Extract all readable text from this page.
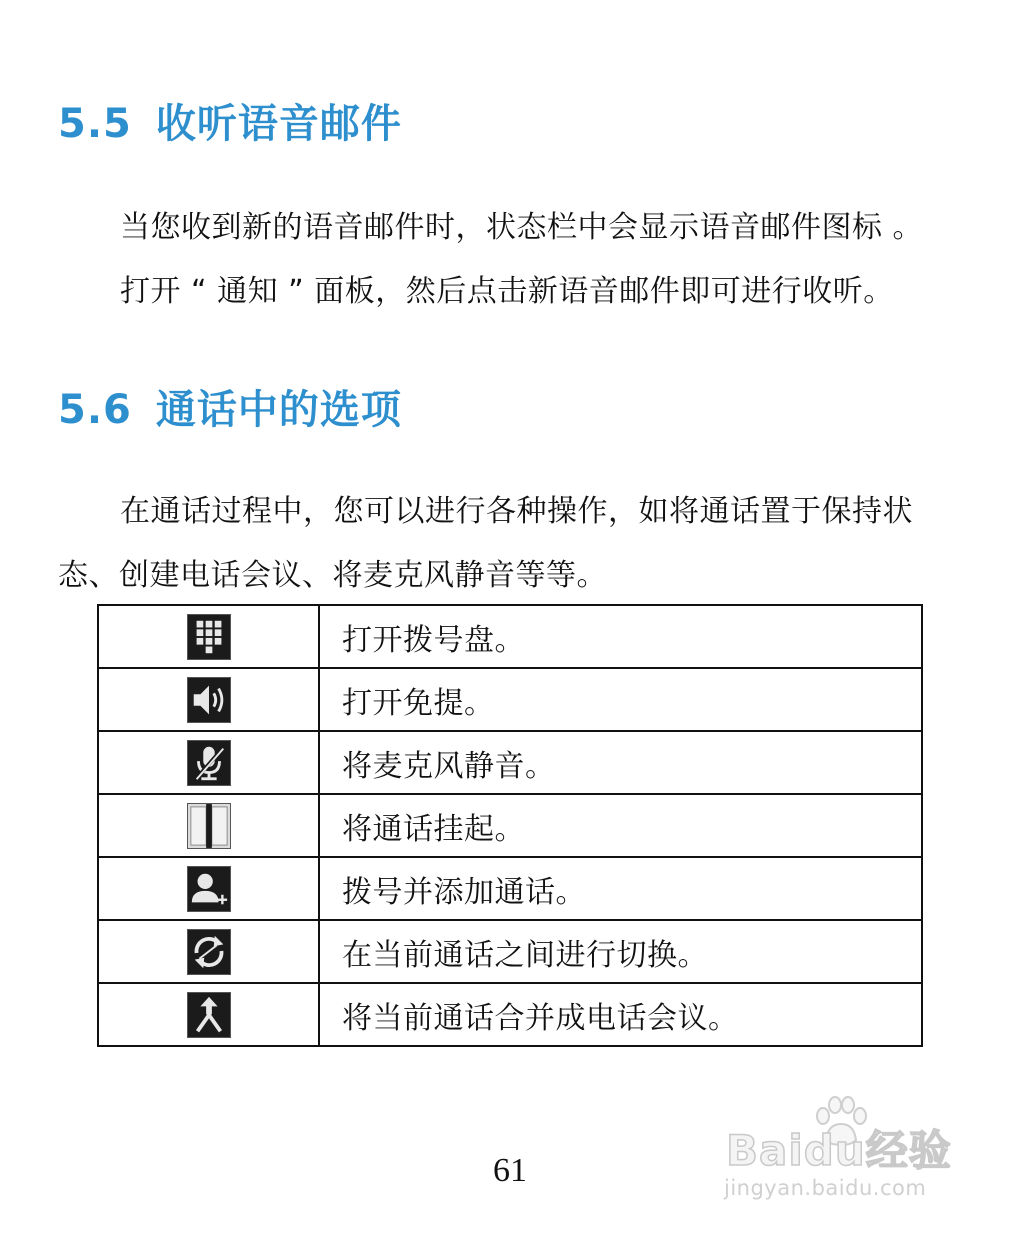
5.5 收听语音邮件

当您收到新的语音邮件时，状态栏中会显示语音邮件图标 。
打开 “ 通知 ” 面板，然后点击新语音邮件即可进行收听。

5.6 通话中的选项

在通话过程中，您可以进行各种操作，如将通话置于保持状
态、创建电话会议、将麦克风静音等等。

	打开拨号盘。

	打开免提。

	将麦克风静音。

	将通话挂起。

	拨号并添加通话。

	在当前通话之间进行切换。

	将当前通话合并成电话会议。
61	Baidu经验
jingyan.baidu.com
